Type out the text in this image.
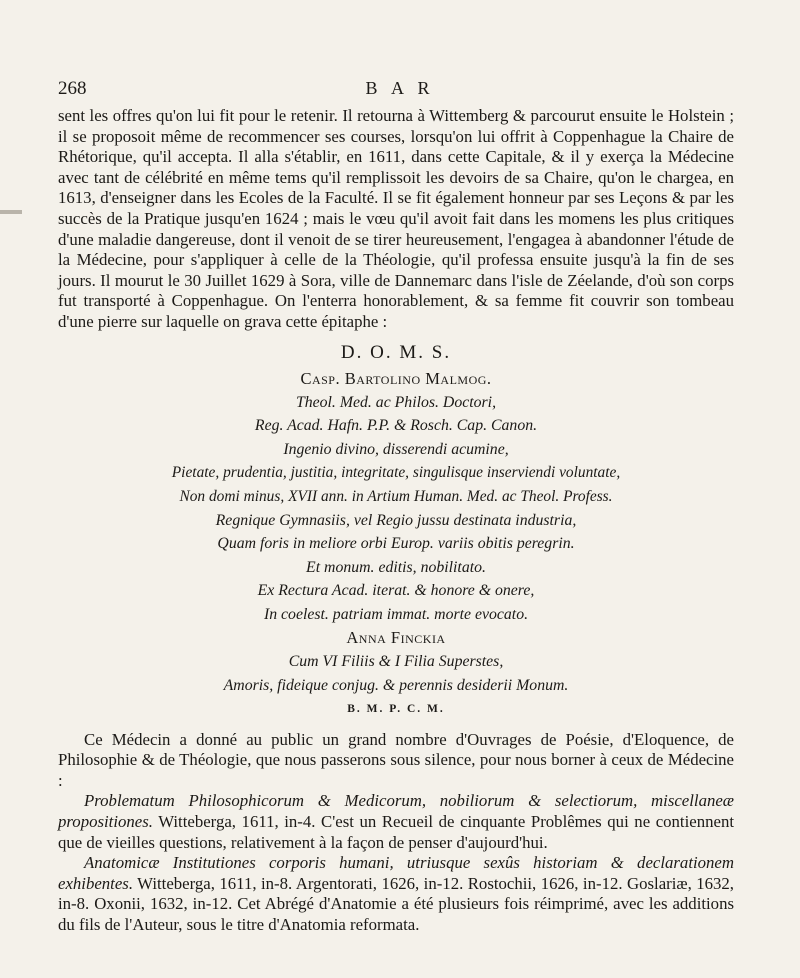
268	B A R

sent les offres qu'on lui fit pour le retenir. Il retourna à Wittemberg & parcourut ensuite le Holstein ; il se proposoit même de recommencer ses courses, lorsqu'on lui offrit à Coppenhague la Chaire de Rhétorique, qu'il accepta. Il alla s'établir, en 1611, dans cette Capitale, & il y exerça la Médecine avec tant de célébrité en même tems qu'il remplissoit les devoirs de sa Chaire, qu'on le chargea, en 1613, d'enseigner dans les Ecoles de la Faculté. Il se fit également honneur par ses Leçons & par les succès de la Pratique jusqu'en 1624 ; mais le vœu qu'il avoit fait dans les momens les plus critiques d'une maladie dangereuse, dont il venoit de se tirer heureusement, l'engagea à abandonner l'étude de la Médecine, pour s'appliquer à celle de la Théologie, qu'il professa ensuite jusqu'à la fin de ses jours. Il mourut le 30 Juillet 1629 à Sora, ville de Dannemarc dans l'isle de Zéelande, d'où son corps fut transporté à Coppenhague. On l'enterra honorablement, & sa femme fit couvrir son tombeau d'une pierre sur laquelle on grava cette épitaphe :

D. O. M. S.
Casp. Bartolino Malmog.
Theol. Med. ac Philos. Doctori,
Reg. Acad. Hafn. P.P. & Rosch. Cap. Canon.
Ingenio divino, disserendi acumine,
Pietate, prudentia, justitia, integritate, singulisque inserviendi voluntate,
Non domi minus, XVII ann. in Artium Human. Med. ac Theol. Profess.
Regnique Gymnasiis, vel Regio jussu destinata industria,
Quam foris in meliore orbi Europ. variis obitis peregrin.
Et monum. editis, nobilitato.
Ex Rectura Acad. iterat. & honore & onere,
In coelest. patriam immat. morte evocato.
Anna Finckia
Cum VI Filiis & I Filia Superstes,
Amoris, fideique conjug. & perennis desiderii Monum.
B. M. P. C. M.

Ce Médecin a donné au public un grand nombre d'Ouvrages de Poésie, d'Eloquence, de Philosophie & de Théologie, que nous passerons sous silence, pour nous borner à ceux de Médecine :

Problematum Philosophicorum & Medicorum, nobiliorum & selectiorum, miscellaneæ propositiones. Witteberga, 1611, in-4. C'est un Recueil de cinquante Problêmes qui ne contiennent que de vieilles questions, relativement à la façon de penser d'aujourd'hui.

Anatomicæ Institutiones corporis humani, utriusque sexûs historiam & declarationem exhibentes. Witteberga, 1611, in-8. Argentorati, 1626, in-12. Rostochii, 1626, in-12. Goslariæ, 1632, in-8. Oxonii, 1632, in-12. Cet Abrégé d'Anatomie a été plusieurs fois réimprimé, avec les additions du fils de l'Auteur, sous le titre d'Anatomia reformata.
